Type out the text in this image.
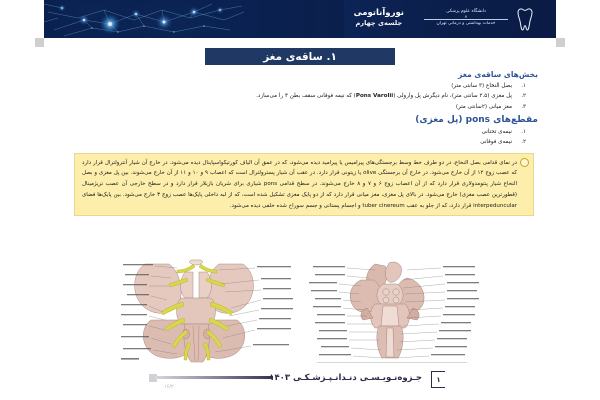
نوروآناتومی
جلسه‌ی چهارم
دانشگاه علوم پزشکی
و
خدمات بهداشتی و درمانی تهران
۱. ساقه‌ی مغز
بخش‌های ساقه‌ی مغز
۱.
بصل النخاع (۳ سانتی متر)
۲.
پل مغزی (۲.۵ سانتی متر)، نام دیگرش پل وارولی (Pons Varolii) که نیمه فوقانی سقف بطن ۴ را می‌سازد.
۳.
مغز میانی (۲سانتی متر)
مقطع‌های pons (پل مغزی)
۱.
نیمه‌ی تحتانی
۲.
نیمه‌ی فوقانی
در نمای قدامی بصل النخاع، در دو طرف خط وسط برجستگی‌های پیرامیس یا پیرامید دیده می‌شود، که در عمق آن الیاف کورتیکواسپاینال دیده می‌شود. در خارج آن شیار آنترولترال قرار دارد که عصب زوج ۱۲ از آن خارج می‌شود. در خارج آن برجستگی olive یا زیتونی قرار دارد. در عقب آن شیار پسترولترال است که اعصاب ۹ و ۱۰ و ۱۱ از آن خارج می‌شوند. بین پل مغزی و بصل النخاع شیار پنتومدولاری قرار دارد که از آن اعصاب زوج ۶ و ۷ و ۸ خارج می‌شوند. در سطح قدامی pons شیاری برای شریان بازیلار قرار دارد و در سطح خارجی آن عصب تریژمینال (قطورترین عصب مغزی) خارج می‌شود. در بالای پل مغزی، مغز میانی قرار دارد که از دو پایک مغزی تشکیل شده است، که از لبه داخلی پایک‌ها عصب زوج ۳ خارج می‌شود. بین پایک‌ها فضای interpeduncular قرار دارد، که از جلو به عقب tuber cinereum و اجسام پستانی و جسم سوراخ شده خلفی دیده می‌شود.
۱۶/۲
جـزوه‌نـویـسـی دنـدانـپـزشـکـی ۱۴۰۳	۱
